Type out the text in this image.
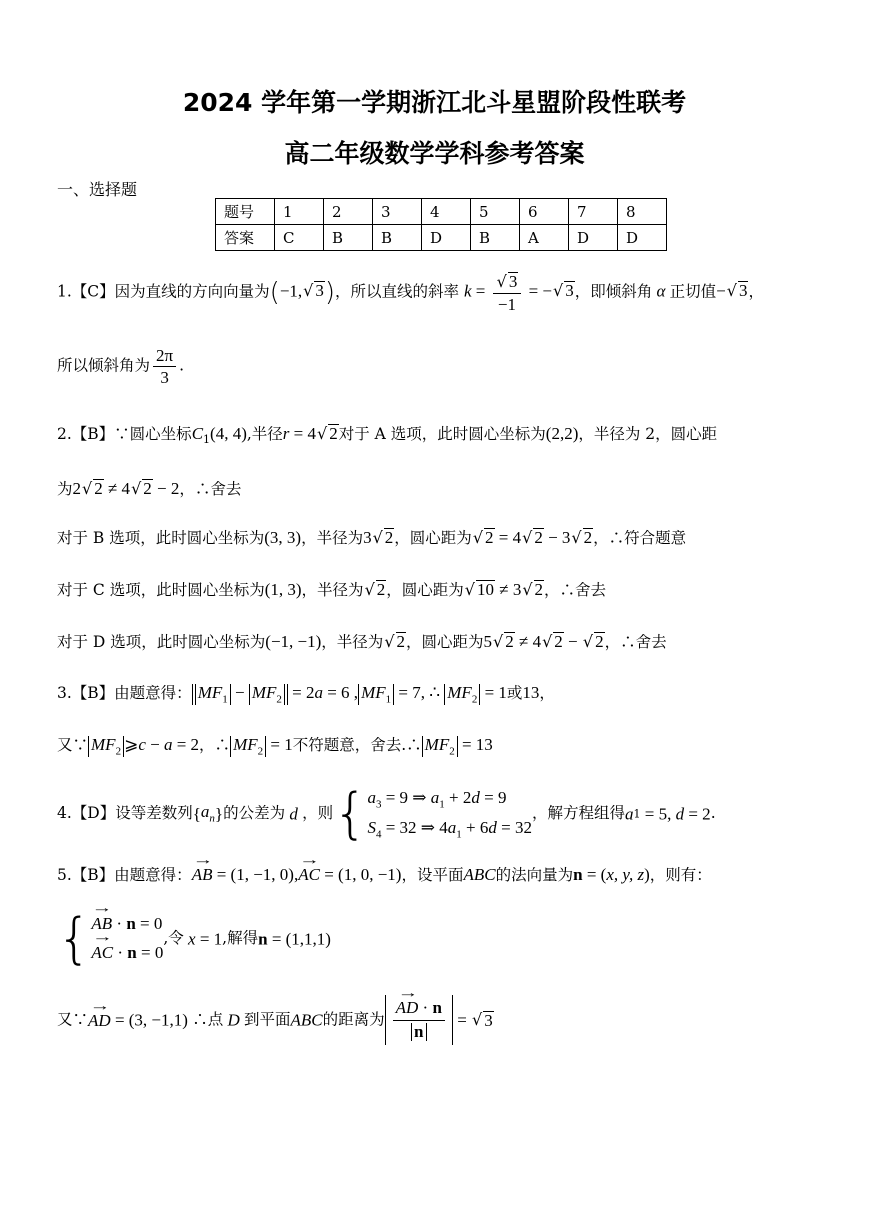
2024 学年第一学期浙江北斗星盟阶段性联考
高二年级数学学科参考答案
一、选择题
题号	1	2	3	4	5	6	7	8
答案	C	B	B	D	B	A	D	D
1.【C】因为直线的方向向量为(−1,√ 3)，所以直线的斜率 $k = \frac{√ 3}{-1}$ = −√ 3，即倾斜角 α 正切值−√ 3，
所以倾斜角为 $\frac{2\pi}{3}$ .
2.【B】∵圆心坐标$C_1(4$, 4),半径r = 4√ 2对于 A 选项，此时圆心坐标为(2,2)，半径为 2，圆心距
为2√ 2 ≠ 4√ 2 − 2，∴舍去
对于 B 选项，此时圆心坐标为(3, 3)，半径为3√ 2，圆心距为√ 2 = 4√ 2 − 3√ 2，∴符合题意
对于 C 选项，此时圆心坐标为(1, 3)，半径为√ 2，圆心距为√ 10 ≠ 3√ 2，∴舍去
对于 D 选项，此时圆心坐标为(−1, −1)，半径为√ 2，圆心距为5√ 2 ≠ 4√ 2 − √ 2，∴舍去
3.【B】由题意得： $MF_1 - MF_2 = 2a = 6$ , $MF_1 = 7$, ∴ $MF_2 = 1$或13，
又∵ $MF_2$ ⩾c − a = 2，∴ $MF_2 = 1$不符题意，舍去.∴ $MF_2 = 13$
4.【D】设等差数列$\{a_n\}$的公差为 d ，则{ $a_3 = 9$ ⇒ $a_1 + 2d = 9$
$S_4 = 32$ ⇒ $4a_1 + 6d = 32$
，解方程组得a1 = 5, d = 2.
5.【B】由题意得：→ AB = (1, −1, 0),→ AC = (1, 0, −1)，设平面ABC的法向量为n = (x, y, z)，则有：
{ → AB · n = 0
→ AC · n = 0
,令 x = 1,解得n = (1,1,1)
又∵→ AD = (3, −1,1) ∴点 D 到平面ABC的距离为 → $\frac{AD \cdot n}{n}$ = √ 3
